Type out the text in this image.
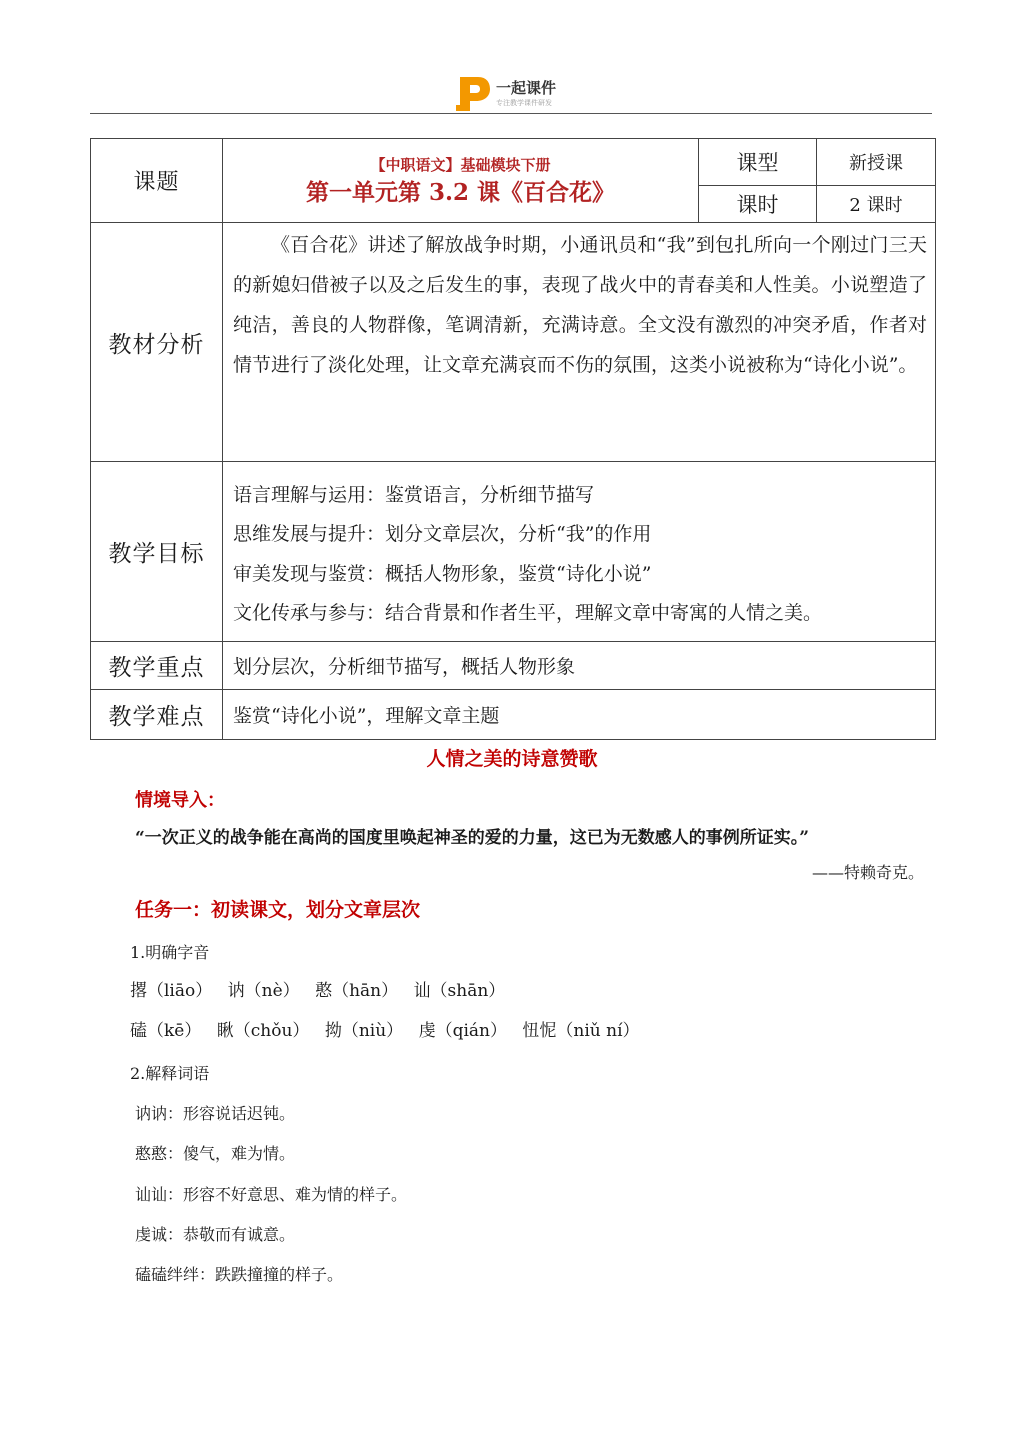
一起课件
专注教学课件研发
课题	【中职语文】基础模块下册
第一单元第 3.2 课《百合花》	课型	新授课
		课时	2 课时
教材分析	《百合花》讲述了解放战争时期，小通讯员和“我”到包扎所向一个刚过门三天的新媳妇借被子以及之后发生的事，表现了战火中的青春美和人性美。小说塑造了纯洁，善良的人物群像，笔调清新，充满诗意。全文没有激烈的冲突矛盾，作者对情节进行了淡化处理，让文章充满哀而不伤的氛围，这类小说被称为“诗化小说”。		

教学目标	语言理解与运用：鉴赏语言，分析细节描写
思维发展与提升：划分文章层次，分析“我”的作用
审美发现与鉴赏：概括人物形象，鉴赏“诗化小说”
文化传承与参与：结合背景和作者生平，理解文章中寄寓的人情之美。		

教学重点	划分层次，分析细节描写，概括人物形象		
教学难点	鉴赏“诗化小说”，理解文章主题		
人情之美的诗意赞歌
情境导入：
“一次正义的战争能在高尚的国度里唤起神圣的爱的力量，这已为无数感人的事例所证实。”
——特赖奇克。
任务一：初读课文，划分文章层次
1.明确字音
撂（liāo） 讷（nè） 憨（hān） 讪（shān）
磕（kē） 瞅（chǒu） 拗（niù） 虔（qián） 忸怩（niǔ ní）
2.解释词语
讷讷：形容说话迟钝。
憨憨：傻气，难为情。
讪讪：形容不好意思、难为情的样子。
虔诚：恭敬而有诚意。
磕磕绊绊：跌跌撞撞的样子。
